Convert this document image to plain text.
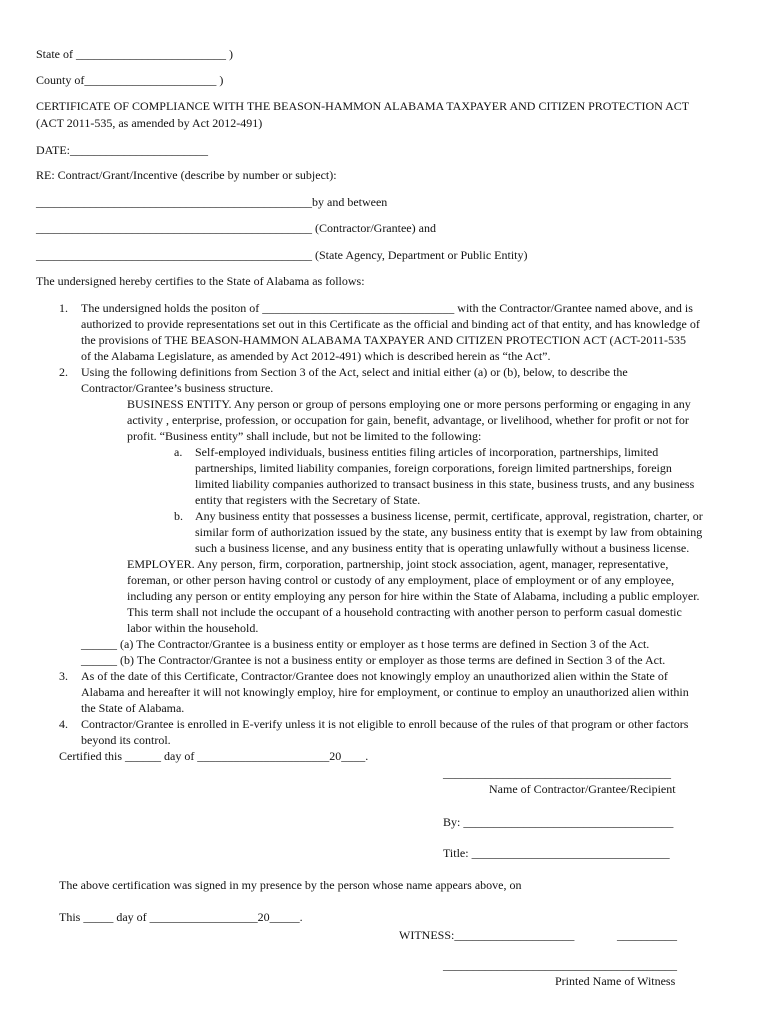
State of _________________________ )
County of______________________ )
CERTIFICATE OF COMPLIANCE WITH THE BEASON-HAMMON ALABAMA TAXPAYER AND CITIZEN PROTECTION ACT
(ACT 2011-535, as amended by Act 2012-491)
DATE:_______________________
RE: Contract/Grant/Incentive (describe by number or subject):
______________________________________________by and between
______________________________________________ (Contractor/Grantee) and
______________________________________________ (State Agency, Department or Public Entity)
The undersigned hereby certifies to the State of Alabama as follows:
1. The undersigned holds the positon of ________________________________ with the Contractor/Grantee named above, and is
authorized to provide representations set out in this Certificate as the official and binding act of that entity, and has knowledge of
the provisions of THE BEASON-HAMMON ALABAMA TAXPAYER AND CITIZEN PROTECTION ACT (ACT-2011-535
of the Alabama Legislature, as amended by Act 2012-491) which is described herein as “the Act”.
2. Using the following definitions from Section 3 of the Act, select and initial either (a) or (b), below, to describe the
Contractor/Grantee’s business structure.
BUSINESS ENTITY. Any person or group of persons employing one or more persons performing or engaging in any
activity , enterprise, profession, or occupation for gain, benefit, advantage, or livelihood, whether for profit or not for
profit. “Business entity” shall include, but not be limited to the following:
a. Self-employed individuals, business entities filing articles of incorporation, partnerships, limited
partnerships, limited liability companies, foreign corporations, foreign limited partnerships, foreign
limited liability companies authorized to transact business in this state, business trusts, and any business
entity that registers with the Secretary of State.
b. Any business entity that possesses a business license, permit, certificate, approval, registration, charter, or
similar form of authorization issued by the state, any business entity that is exempt by law from obtaining
such a business license, and any business entity that is operating unlawfully without a business license.
EMPLOYER. Any person, firm, corporation, partnership, joint stock association, agent, manager, representative,
foreman, or other person having control or custody of any employment, place of employment or of any employee,
including any person or entity employing any person for hire within the State of Alabama, including a public employer.
This term shall not include the occupant of a household contracting with another person to perform casual domestic
labor within the household.
______ (a) The Contractor/Grantee is a business entity or employer as t hose terms are defined in Section 3 of the Act.
______ (b) The Contractor/Grantee is not a business entity or employer as those terms are defined in Section 3 of the Act.
3. As of the date of this Certificate, Contractor/Grantee does not knowingly employ an unauthorized alien within the State of
Alabama and hereafter it will not knowingly employ, hire for employment, or continue to employ an unauthorized alien within
the State of Alabama.
4. Contractor/Grantee is enrolled in E-verify unless it is not eligible to enroll because of the rules of that program or other factors
beyond its control.
Certified this ______ day of ______________________20____.
______________________________________
Name of Contractor/Grantee/Recipient
By: ___________________________________
Title: _________________________________
The above certification was signed in my presence by the person whose name appears above, on
This _____ day of __________________20_____.
WITNESS:____________________	__________
_______________________________________
Printed Name of Witness
